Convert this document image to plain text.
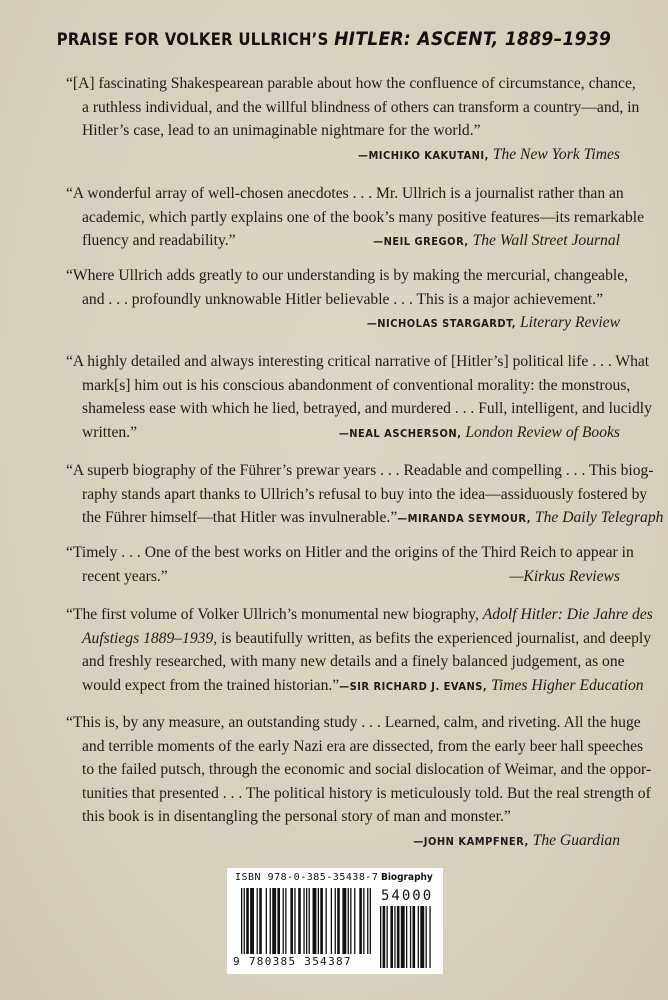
PRAISE FOR VOLKER ULLRICH’S HITLER: ASCENT, 1889–1939
“[A] fascinating Shakespearean parable about how the confluence of circumstance, chance,
a ruthless individual, and the willful blindness of others can transform a country—and, in
Hitler’s case, lead to an unimaginable nightmare for the world.”
—MICHIKO KAKUTANI, The New York Times
“A wonderful array of well-chosen anecdotes . . . Mr. Ullrich is a journalist rather than an
academic, which partly explains one of the book’s many positive features—its remarkable
fluency and readability.”	—NEIL GREGOR, The Wall Street Journal
“Where Ullrich adds greatly to our understanding is by making the mercurial, changeable,
and . . . profoundly unknowable Hitler believable . . . This is a major achievement.”
—NICHOLAS STARGARDT, Literary Review
“A highly detailed and always interesting critical narrative of [Hitler’s] political life . . . What
mark[s] him out is his conscious abandonment of conventional morality: the monstrous,
shameless ease with which he lied, betrayed, and murdered . . . Full, intelligent, and lucidly
written.”	—NEAL ASCHERSON, London Review of Books
“A superb biography of the Führer’s prewar years . . . Readable and compelling . . . This biog-
raphy stands apart thanks to Ullrich’s refusal to buy into the idea—assiduously fostered by
the Führer himself—that Hitler was invulnerable.” —MIRANDA SEYMOUR, The Daily Telegraph
“Timely . . . One of the best works on Hitler and the origins of the Third Reich to appear in
recent years.”	—Kirkus Reviews
“The first volume of Volker Ullrich’s monumental new biography, Adolf Hitler: Die Jahre des
Aufstiegs 1889–1939, is beautifully written, as befits the experienced journalist, and deeply
and freshly researched, with many new details and a finely balanced judgement, as one
would expect from the trained historian.” —SIR RICHARD J. EVANS, Times Higher Education
“This is, by any measure, an outstanding study . . . Learned, calm, and riveting. All the huge
and terrible moments of the early Nazi era are dissected, from the early beer hall speeches
to the failed putsch, through the economic and social dislocation of Weimar, and the oppor-
tunities that presented . . . The political history is meticulously told. But the real strength of
this book is in disentangling the personal story of man and monster.”
—JOHN KAMPFNER, The Guardian
ISBN 978-0-385-35438-7 Biography
54000
9 780385 354387
